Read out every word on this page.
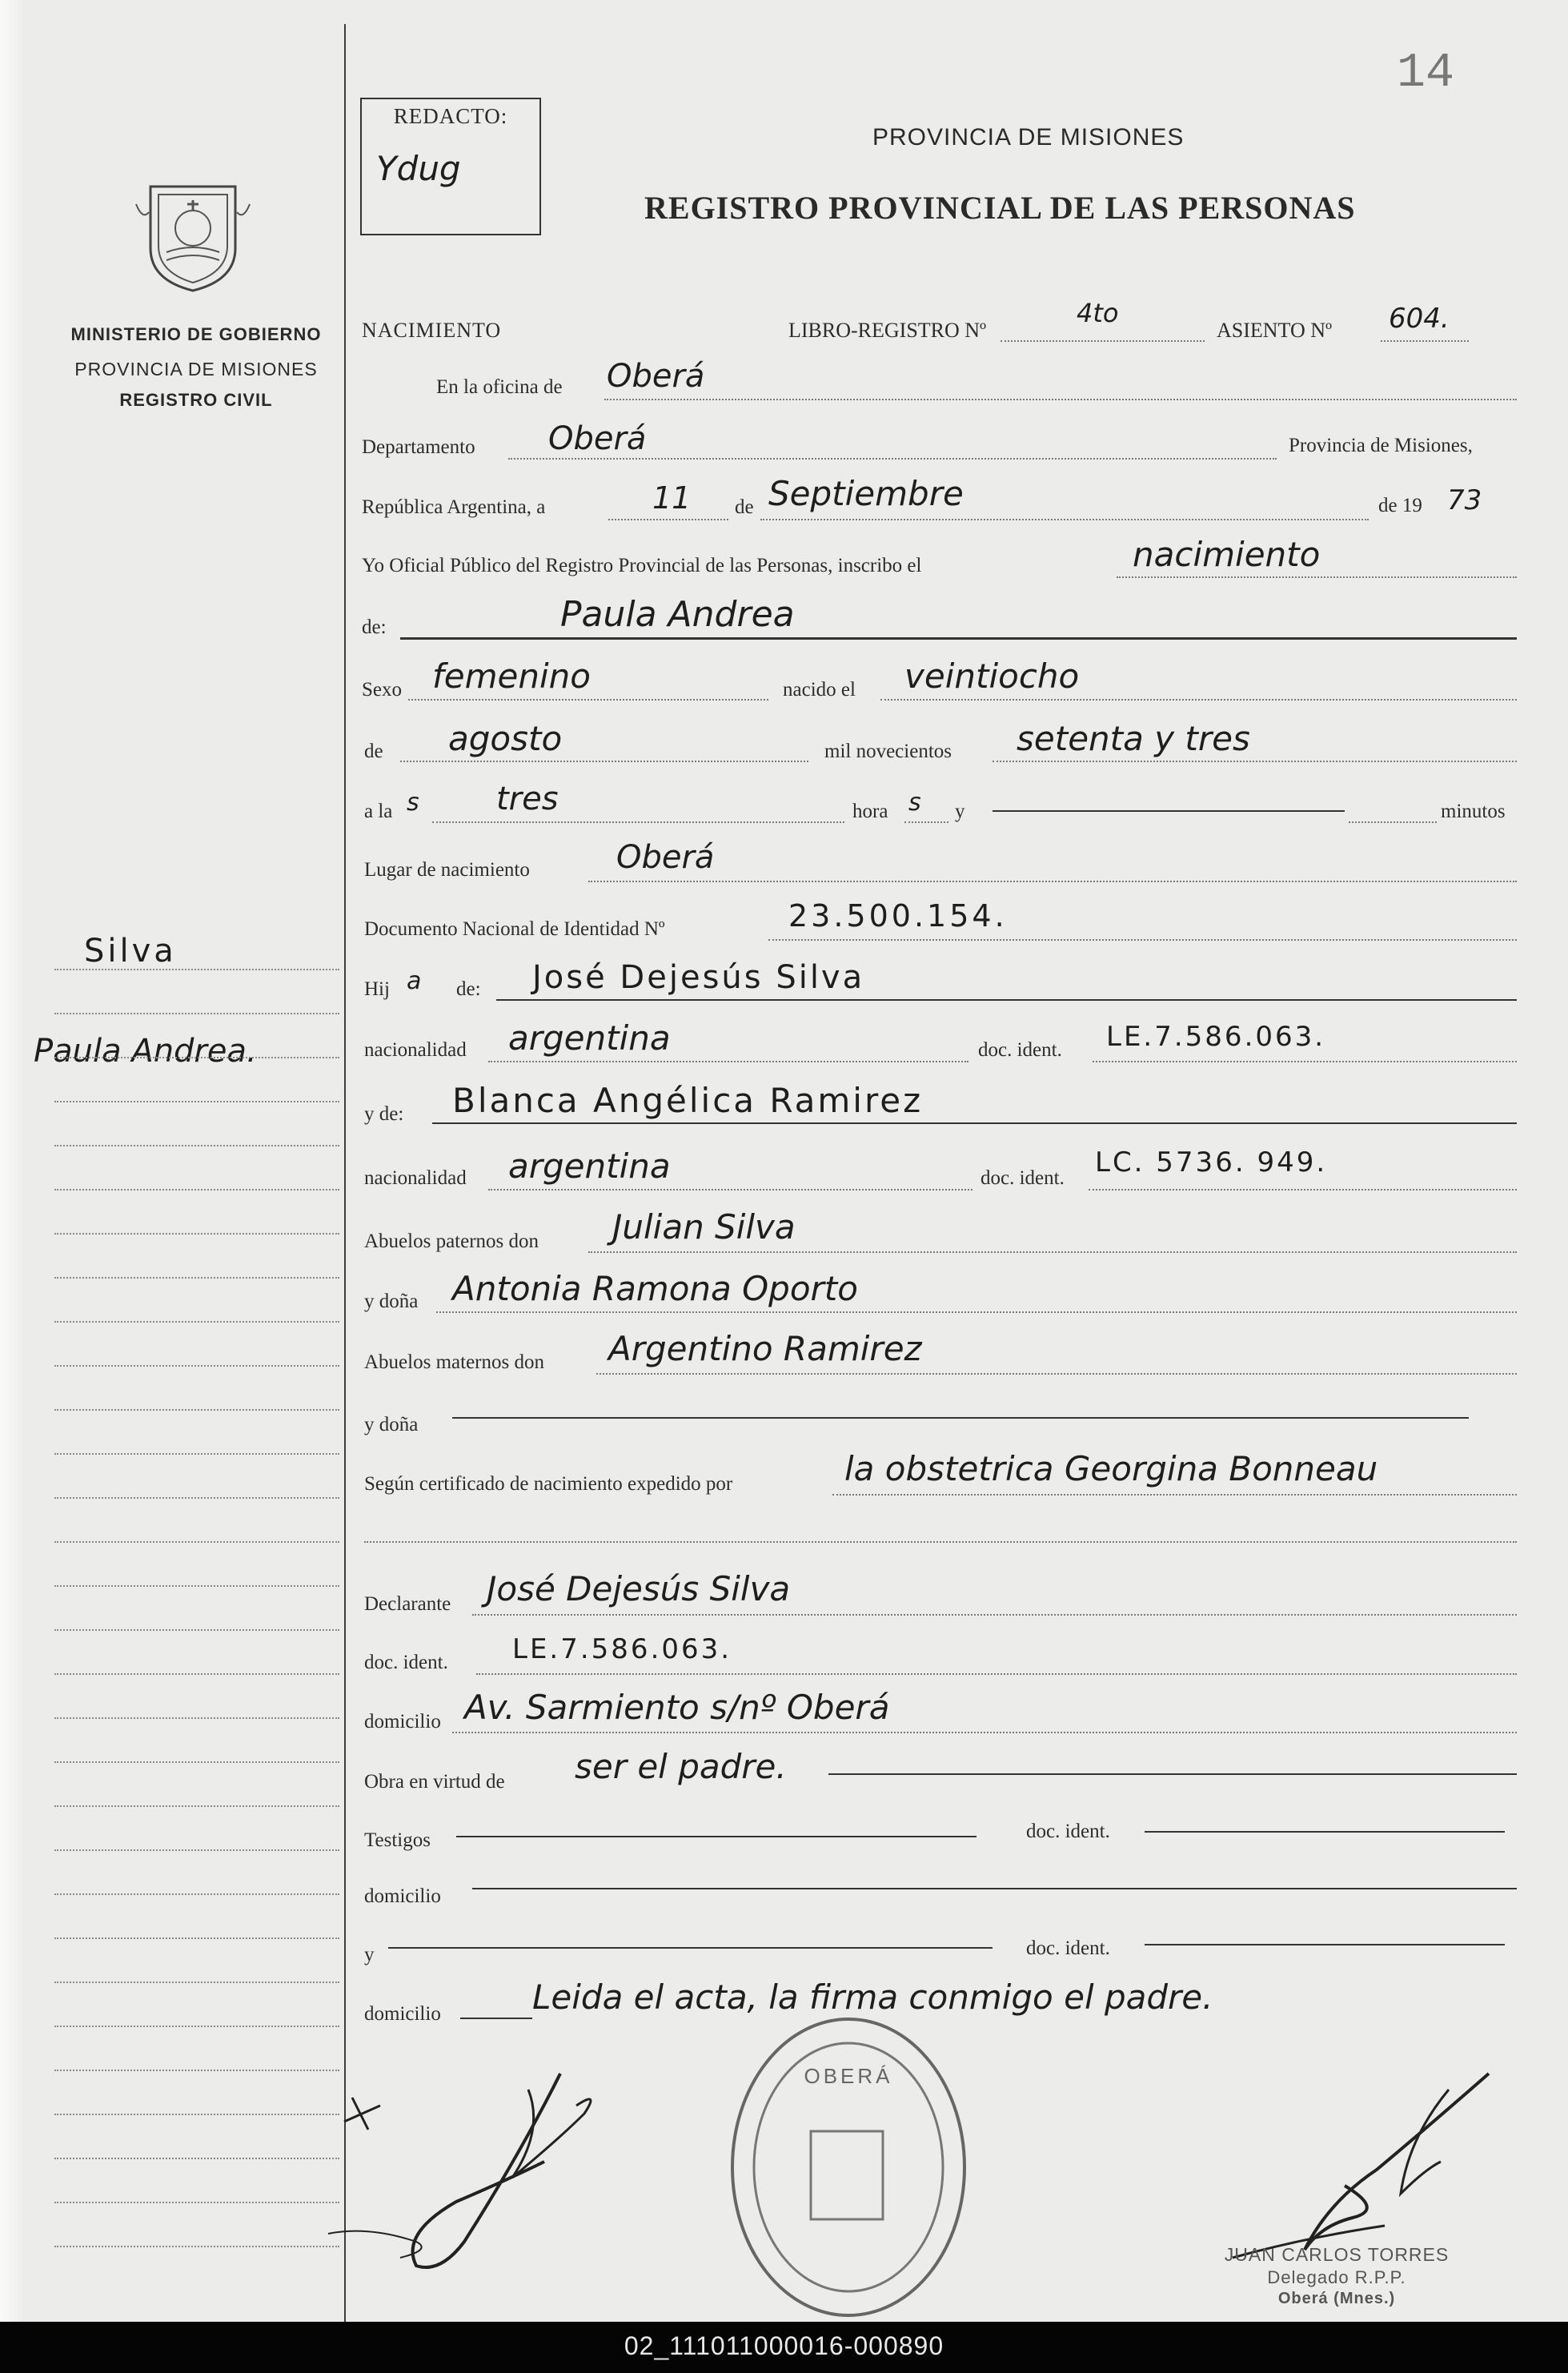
14
REDACTO:
Ydug
MINISTERIO DE GOBIERNO
PROVINCIA DE MISIONES
REGISTRO CIVIL
PROVINCIA DE MISIONES
REGISTRO PROVINCIAL DE LAS PERSONAS
Silva
Paula Andrea.
NACIMIENTO	LIBRO-REGISTRO Nº
4to
ASIENTO Nº 604.
En la oficina de Oberá
Departamento Oberá	Provincia de Misiones,
República Argentina, a	11 de Septiembre	de 19 73
Yo Oficial Público del Registro Provincial de las Personas, inscribo el	nacimiento
de:	Paula Andrea
Sexo femenino	nacido el veintiocho
de agosto	mil novecientos setenta y tres
a la s tres	hora s y	minutos
Lugar de nacimiento	Oberá
Documento Nacional de Identidad Nº	23.500.154.
Hij a de: José Dejesús Silva
nacionalidad argentina	doc. ident. LE.7.586.063.
y de: Blanca Angélica Ramirez
nacionalidad argentina	doc. ident. LC. 5736. 949.
Abuelos paternos don Julian Silva
y doña Antonia Ramona Oporto
Abuelos maternos don Argentino Ramirez
y doña
Según certificado de nacimiento expedido por	la obstetrica Georgina Bonneau
Declarante José Dejesús Silva
doc. ident. LE.7.586.063.
domicilio Av. Sarmiento s/nº Oberá
Obra en virtud de ser el padre.
Testigos	doc. ident.
domicilio
y	doc. ident.
domicilio	Leida el acta, la firma conmigo el padre.
OBERÁ
JUAN CARLOS TORRES
Delegado R.P.P.
Oberá (Mnes.)
02_111011000016-000890
